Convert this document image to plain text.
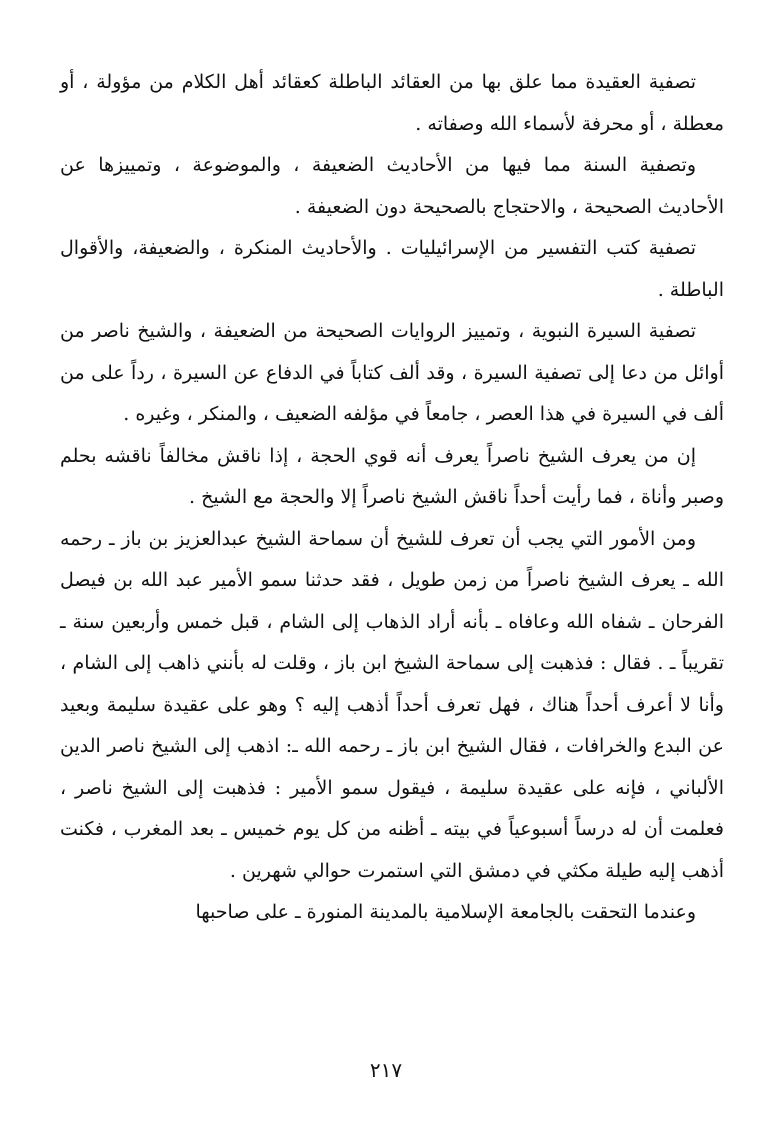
تصفية العقيدة مما علق بها من العقائد الباطلة كعقائد أهل الكلام من مؤولة ، أو معطلة ، أو محرفة لأسماء الله وصفاته .

وتصفية السنة مما فيها من الأحاديث الضعيفة ، والموضوعة ، وتمييزها عن الأحاديث الصحيحة ، والاحتجاج بالصحيحة دون الضعيفة .

تصفية كتب التفسير من الإسرائيليات . والأحاديث المنكرة ، والضعيفة، والأقوال الباطلة .

تصفية السيرة النبوية ، وتمييز الروايات الصحيحة من الضعيفة ، والشيخ ناصر من أوائل من دعا إلى تصفية السيرة ، وقد ألف كتاباً في الدفاع عن السيرة ، رداً على من ألف في السيرة في هذا العصر ، جامعاً في مؤلفه الضعيف ، والمنكر ، وغيره .

إن من يعرف الشيخ ناصراً يعرف أنه قوي الحجة ، إذا ناقش مخالفاً ناقشه بحلم وصبر وأناة ، فما رأيت أحداً ناقش الشيخ ناصراً إلا والحجة مع الشيخ .

ومن الأمور التي يجب أن تعرف للشيخ أن سماحة الشيخ عبدالعزيز بن باز ـ رحمه الله ـ يعرف الشيخ ناصراً من زمن طويل ، فقد حدثنا سمو الأمير عبد الله بن فيصل الفرحان ـ شفاه الله وعافاه ـ بأنه أراد الذهاب إلى الشام ، قبل خمس وأربعين سنة ـ تقريباً ـ . فقال : فذهبت إلى سماحة الشيخ ابن باز ، وقلت له بأنني ذاهب إلى الشام ، وأنا لا أعرف أحداً هناك ، فهل تعرف أحداً أذهب إليه ؟ وهو على عقيدة سليمة وبعيد عن البدع والخرافات ، فقال الشيخ ابن باز ـ رحمه الله ـ: اذهب إلى الشيخ ناصر الدين الألباني ، فإنه على عقيدة سليمة ، فيقول سمو الأمير : فذهبت إلى الشيخ ناصر ، فعلمت أن له درساً أسبوعياً في بيته ـ أظنه من كل يوم خميس ـ بعد المغرب ، فكنت أذهب إليه طيلة مكثي في دمشق التي استمرت حوالي شهرين .

وعندما التحقت بالجامعة الإسلامية بالمدينة المنورة ـ على صاحبها

٢١٧
